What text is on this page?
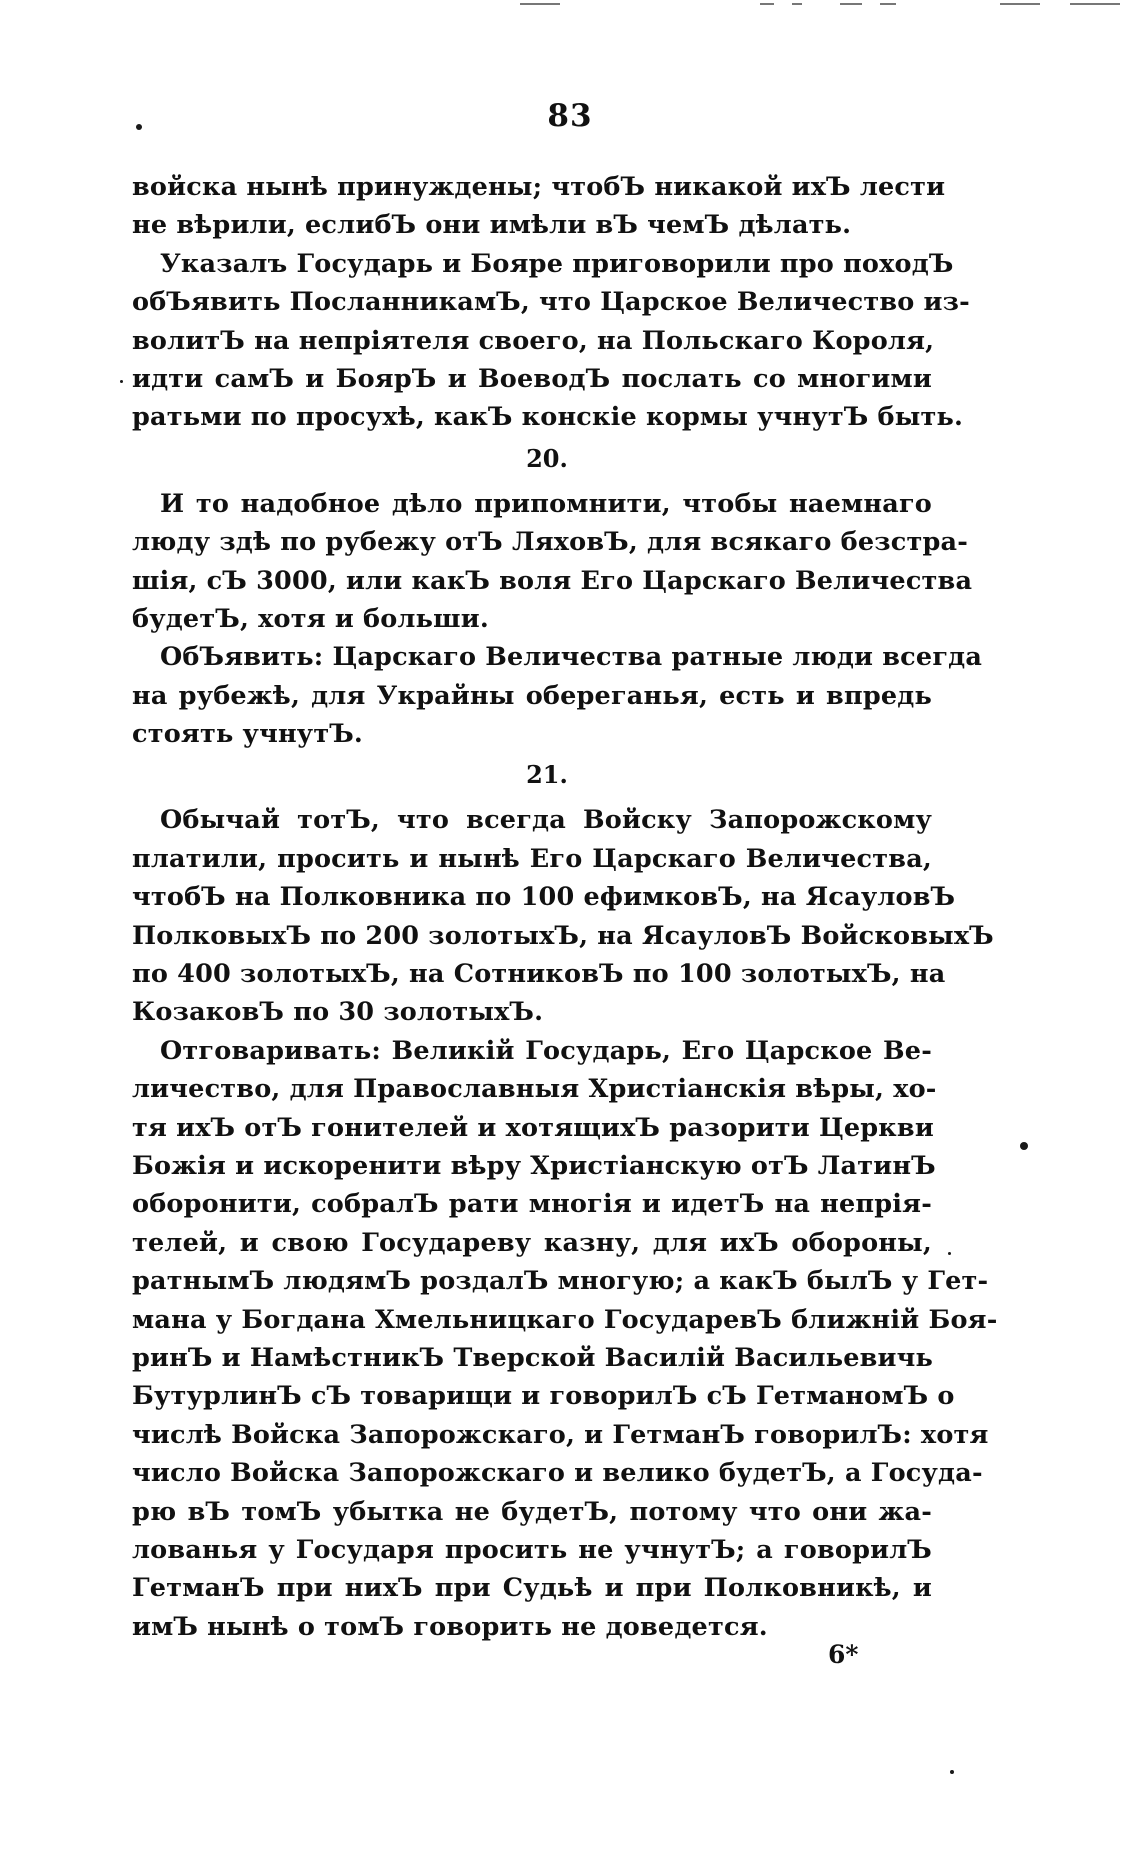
83
войска нынѣ принуждены; чтобЪ никакой ихЪ лести
не вѣрили, еслибЪ они имѣли вЪ чемЪ дѣлать.
Указалъ Государь и Бояре приговорили про походЪ
обЪявить ПосланникамЪ, что Царское Величество из-
волитЪ на непріятеля своего, на Польскаго Короля,
идти самЪ и БоярЪ и ВоеводЪ послать со многими
ратьми по просухѣ, какЪ конскіе кормы учнутЪ быть.
20.
И то надобное дѣло припомнити, чтобы наемнаго
люду здѣ по рубежу отЪ ЛяховЪ, для всякаго безстра-
шія, сЪ 3000, или какЪ воля Его Царскаго Величества
будетЪ, хотя и больши.
ОбЪявить: Царскаго Величества ратные люди всегда
на рубежѣ, для Украйны обереганья, есть и впредь
стоять учнутЪ.
21.
Обычай тотЪ, что всегда Войску Запорожскому
платили, просить и нынѣ Его Царскаго Величества,
чтобЪ на Полковника по 100 ефимковЪ, на ЯсауловЪ
ПолковыхЪ по 200 золотыхЪ, на ЯсауловЪ ВойсковыхЪ
по 400 золотыхЪ, на СотниковЪ по 100 золотыхЪ, на
КозаковЪ по 30 золотыхЪ.
Отговаривать: Великій Государь, Его Царское Ве-
личество, для Православныя Христіанскія вѣры, хо-
тя ихЪ отЪ гонителей и хотящихЪ разорити Церкви
Божія и искоренити вѣру Христіанскую отЪ ЛатинЪ
оборонити, собралЪ рати многія и идетЪ на непрія-
телей, и свою Государеву казну, для ихЪ обороны,
ратнымЪ людямЪ роздалЪ многую; а какЪ былЪ у Гет-
мана у Богдана Хмельницкаго ГосударевЪ ближній Боя-
ринЪ и НамѣстникЪ Тверской Василій Васильевичь
БутурлинЪ сЪ товарищи и говорилЪ сЪ ГетманомЪ о
числѣ Войска Запорожскаго, и ГетманЪ говорилЪ: хотя
число Войска Запорожскаго и велико будетЪ, а Госуда-
рю вЪ томЪ убытка не будетЪ, потому что они жа-
лованья у Государя просить не учнутЪ; а говорилЪ
ГетманЪ при нихЪ при Судьѣ и при Полковникѣ, и
имЪ нынѣ о томЪ говорить не доведется.
6*
